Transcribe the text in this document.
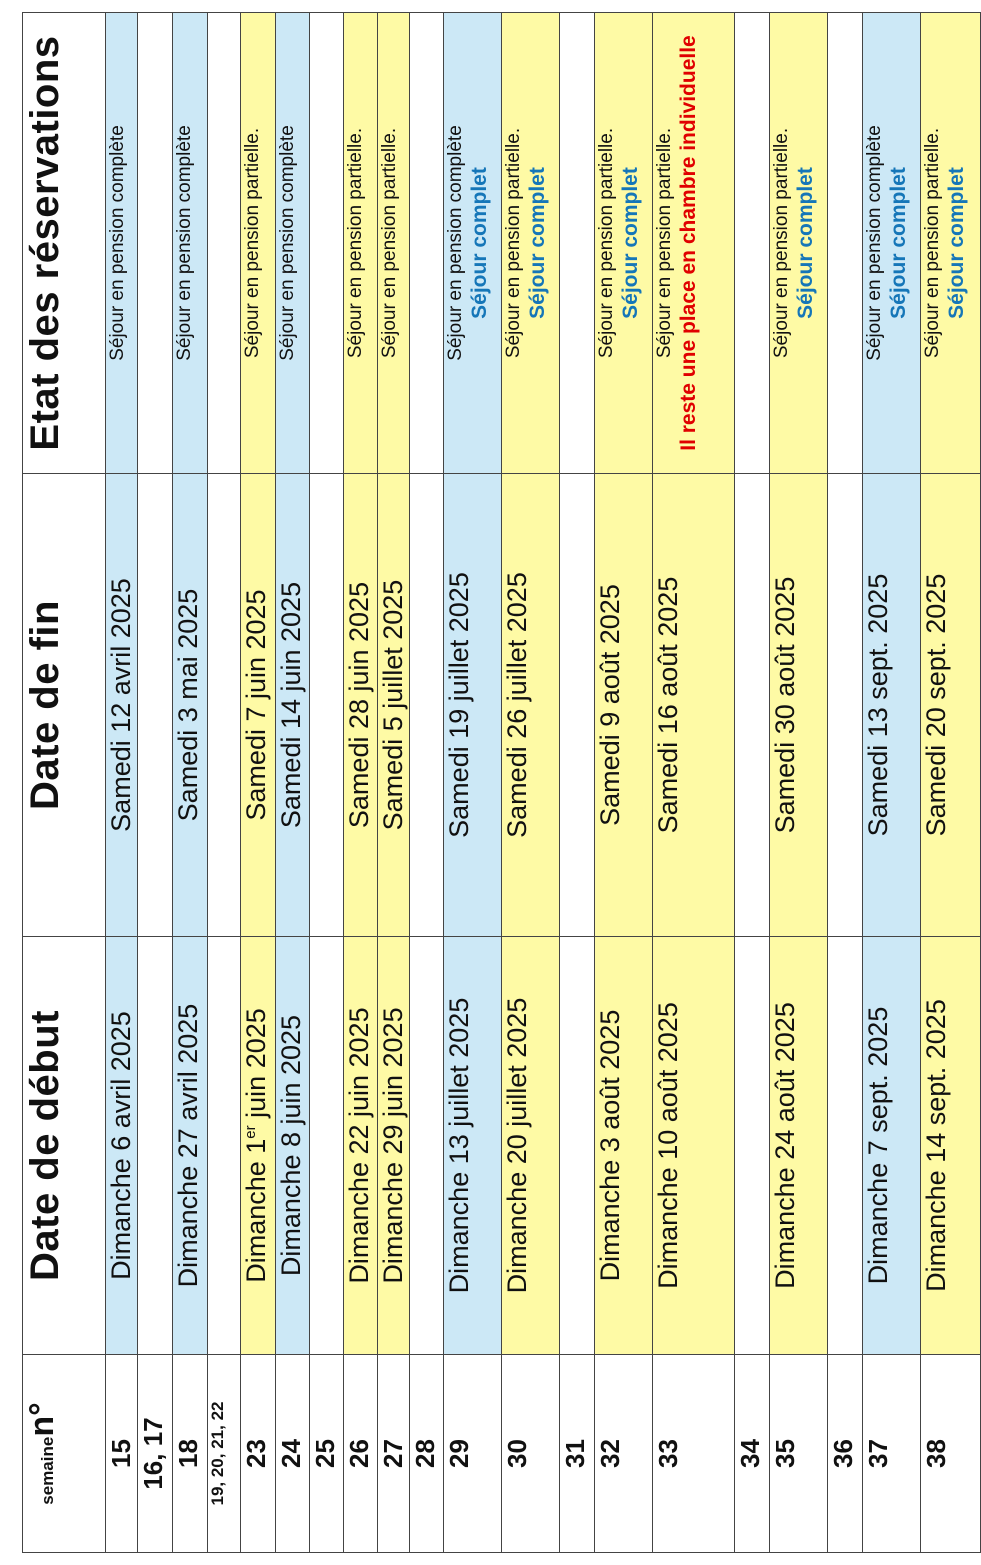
semainen°	Date de début	Date de fin	Etat des réservations
15	Dimanche 6 avril 2025	Samedi 12 avril 2025	Séjour en pension complète

16, 17			

18	Dimanche 27 avril 2025	Samedi 3 mai 2025	Séjour en pension complète

19, 20, 21, 22			

23	Dimanche 1er juin 2025	Samedi 7 juin 2025	Séjour en pension partielle.

24	Dimanche 8 juin 2025	Samedi 14 juin 2025	Séjour en pension complète

25			

26	Dimanche 22 juin 2025	Samedi 28 juin 2025	Séjour en pension partielle.

27	Dimanche 29 juin 2025	Samedi 5 juillet 2025	Séjour en pension partielle.

28			

29	Dimanche 13 juillet 2025	Samedi 19 juillet 2025	Séjour en pension complète Séjour complet

30	Dimanche 20 juillet 2025	Samedi 26 juillet 2025	Séjour en pension partielle. Séjour complet

31			

32	Dimanche 3 août 2025	Samedi 9 août 2025	Séjour en pension partielle. Séjour complet

33	Dimanche 10 août 2025	Samedi 16 août 2025	Séjour en pension partielle. Il reste une place en chambre individuelle

34			

35	Dimanche 24 août 2025	Samedi 30 août 2025	Séjour en pension partielle. Séjour complet

36			

37	Dimanche 7 sept. 2025	Samedi 13 sept. 2025	Séjour en pension complète Séjour complet

38	Dimanche 14 sept. 2025	Samedi 20 sept. 2025	Séjour en pension partielle. Séjour complet
